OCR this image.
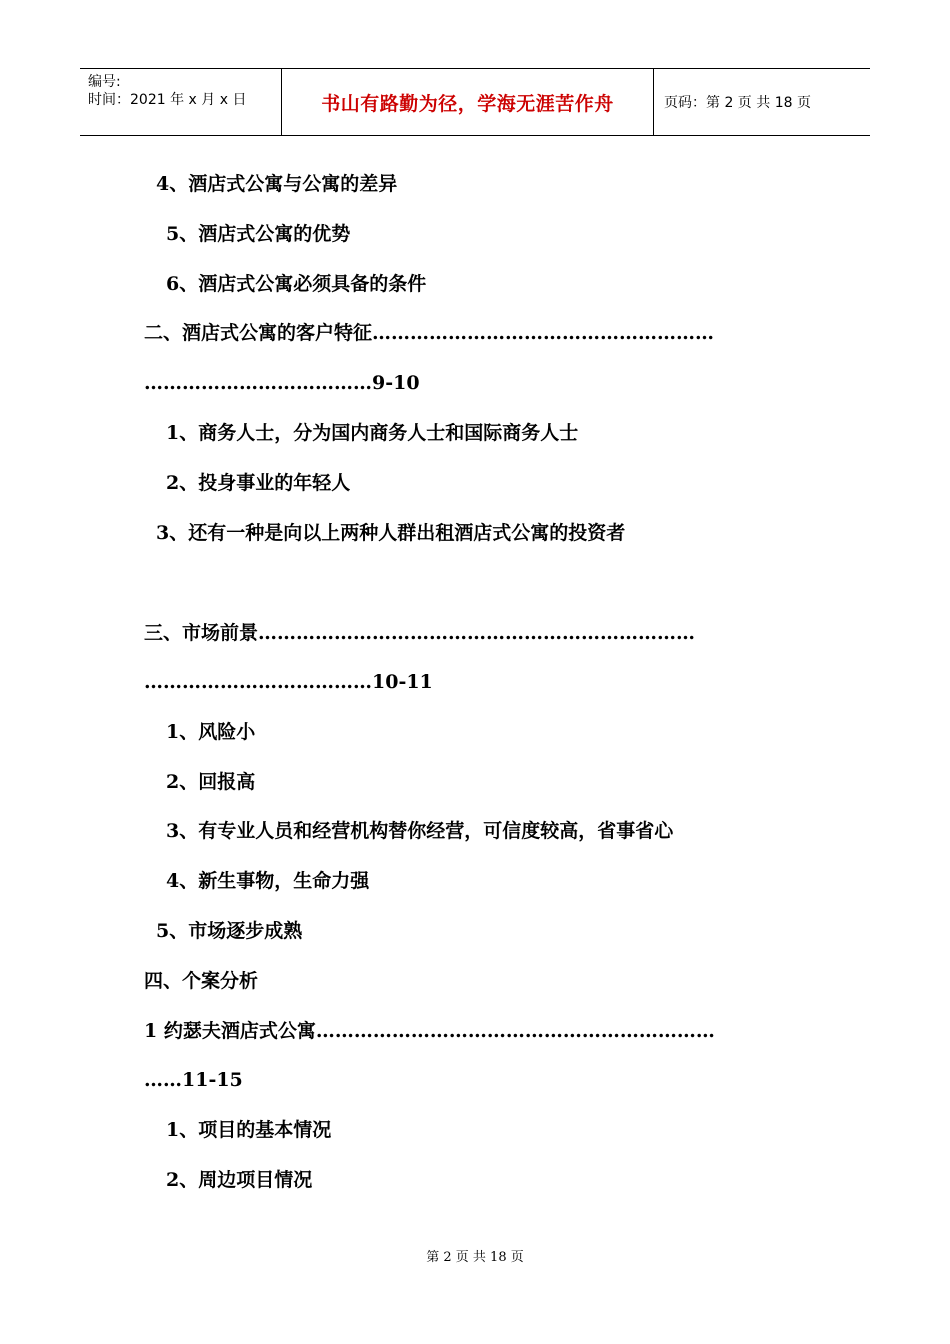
编号:
时间：2021 年 x 月 x 日	书山有路勤为径，学海无涯苦作舟	页码：第 2 页 共 18 页
4、酒店式公寓与公寓的差异
5、酒店式公寓的优势
6、酒店式公寓必须具备的条件
二、酒店式公寓的客户特征………………………………………………
………………………………9-10
1、商务人士，分为国内商务人士和国际商务人士
2、投身事业的年轻人
3、还有一种是向以上两种人群出租酒店式公寓的投资者
三、市场前景……………………………………………………………
………………………………10-11
1、风险小
2、回报高
3、有专业人员和经营机构替你经营，可信度较高，省事省心
4、新生事物，生命力强
5、市场逐步成熟
四、个案分析
1 约瑟夫酒店式公寓………………………………………………………
……11-15
1、项目的基本情况
2、周边项目情况
第 2 页 共 18 页
